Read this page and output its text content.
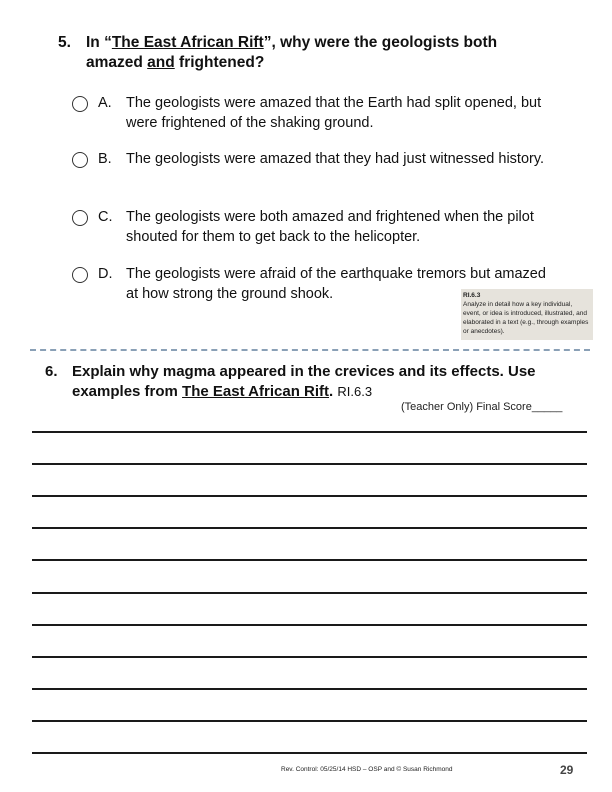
5. In “The East African Rift”, why were the geologists both amazed and frightened?
A. The geologists were amazed that the Earth had split opened, but were frightened of the shaking ground.
B. The geologists were amazed that they had just witnessed history.
C. The geologists were both amazed and frightened when the pilot shouted for them to get back to the helicopter.
D. The geologists were afraid of the earthquake tremors but amazed at how strong the ground shook.	RI.6.3
Analyze in detail how a key individual, event, or idea is introduced, illustrated, and elaborated in a text (e.g., through examples or anecdotes).
6. Explain why magma appeared in the crevices and its effects. Use examples from The East African Rift. RI.6.3
(Teacher Only) Final Score_____
Rev. Control: 05/25/14 HSD – OSP and © Susan Richmond	29
